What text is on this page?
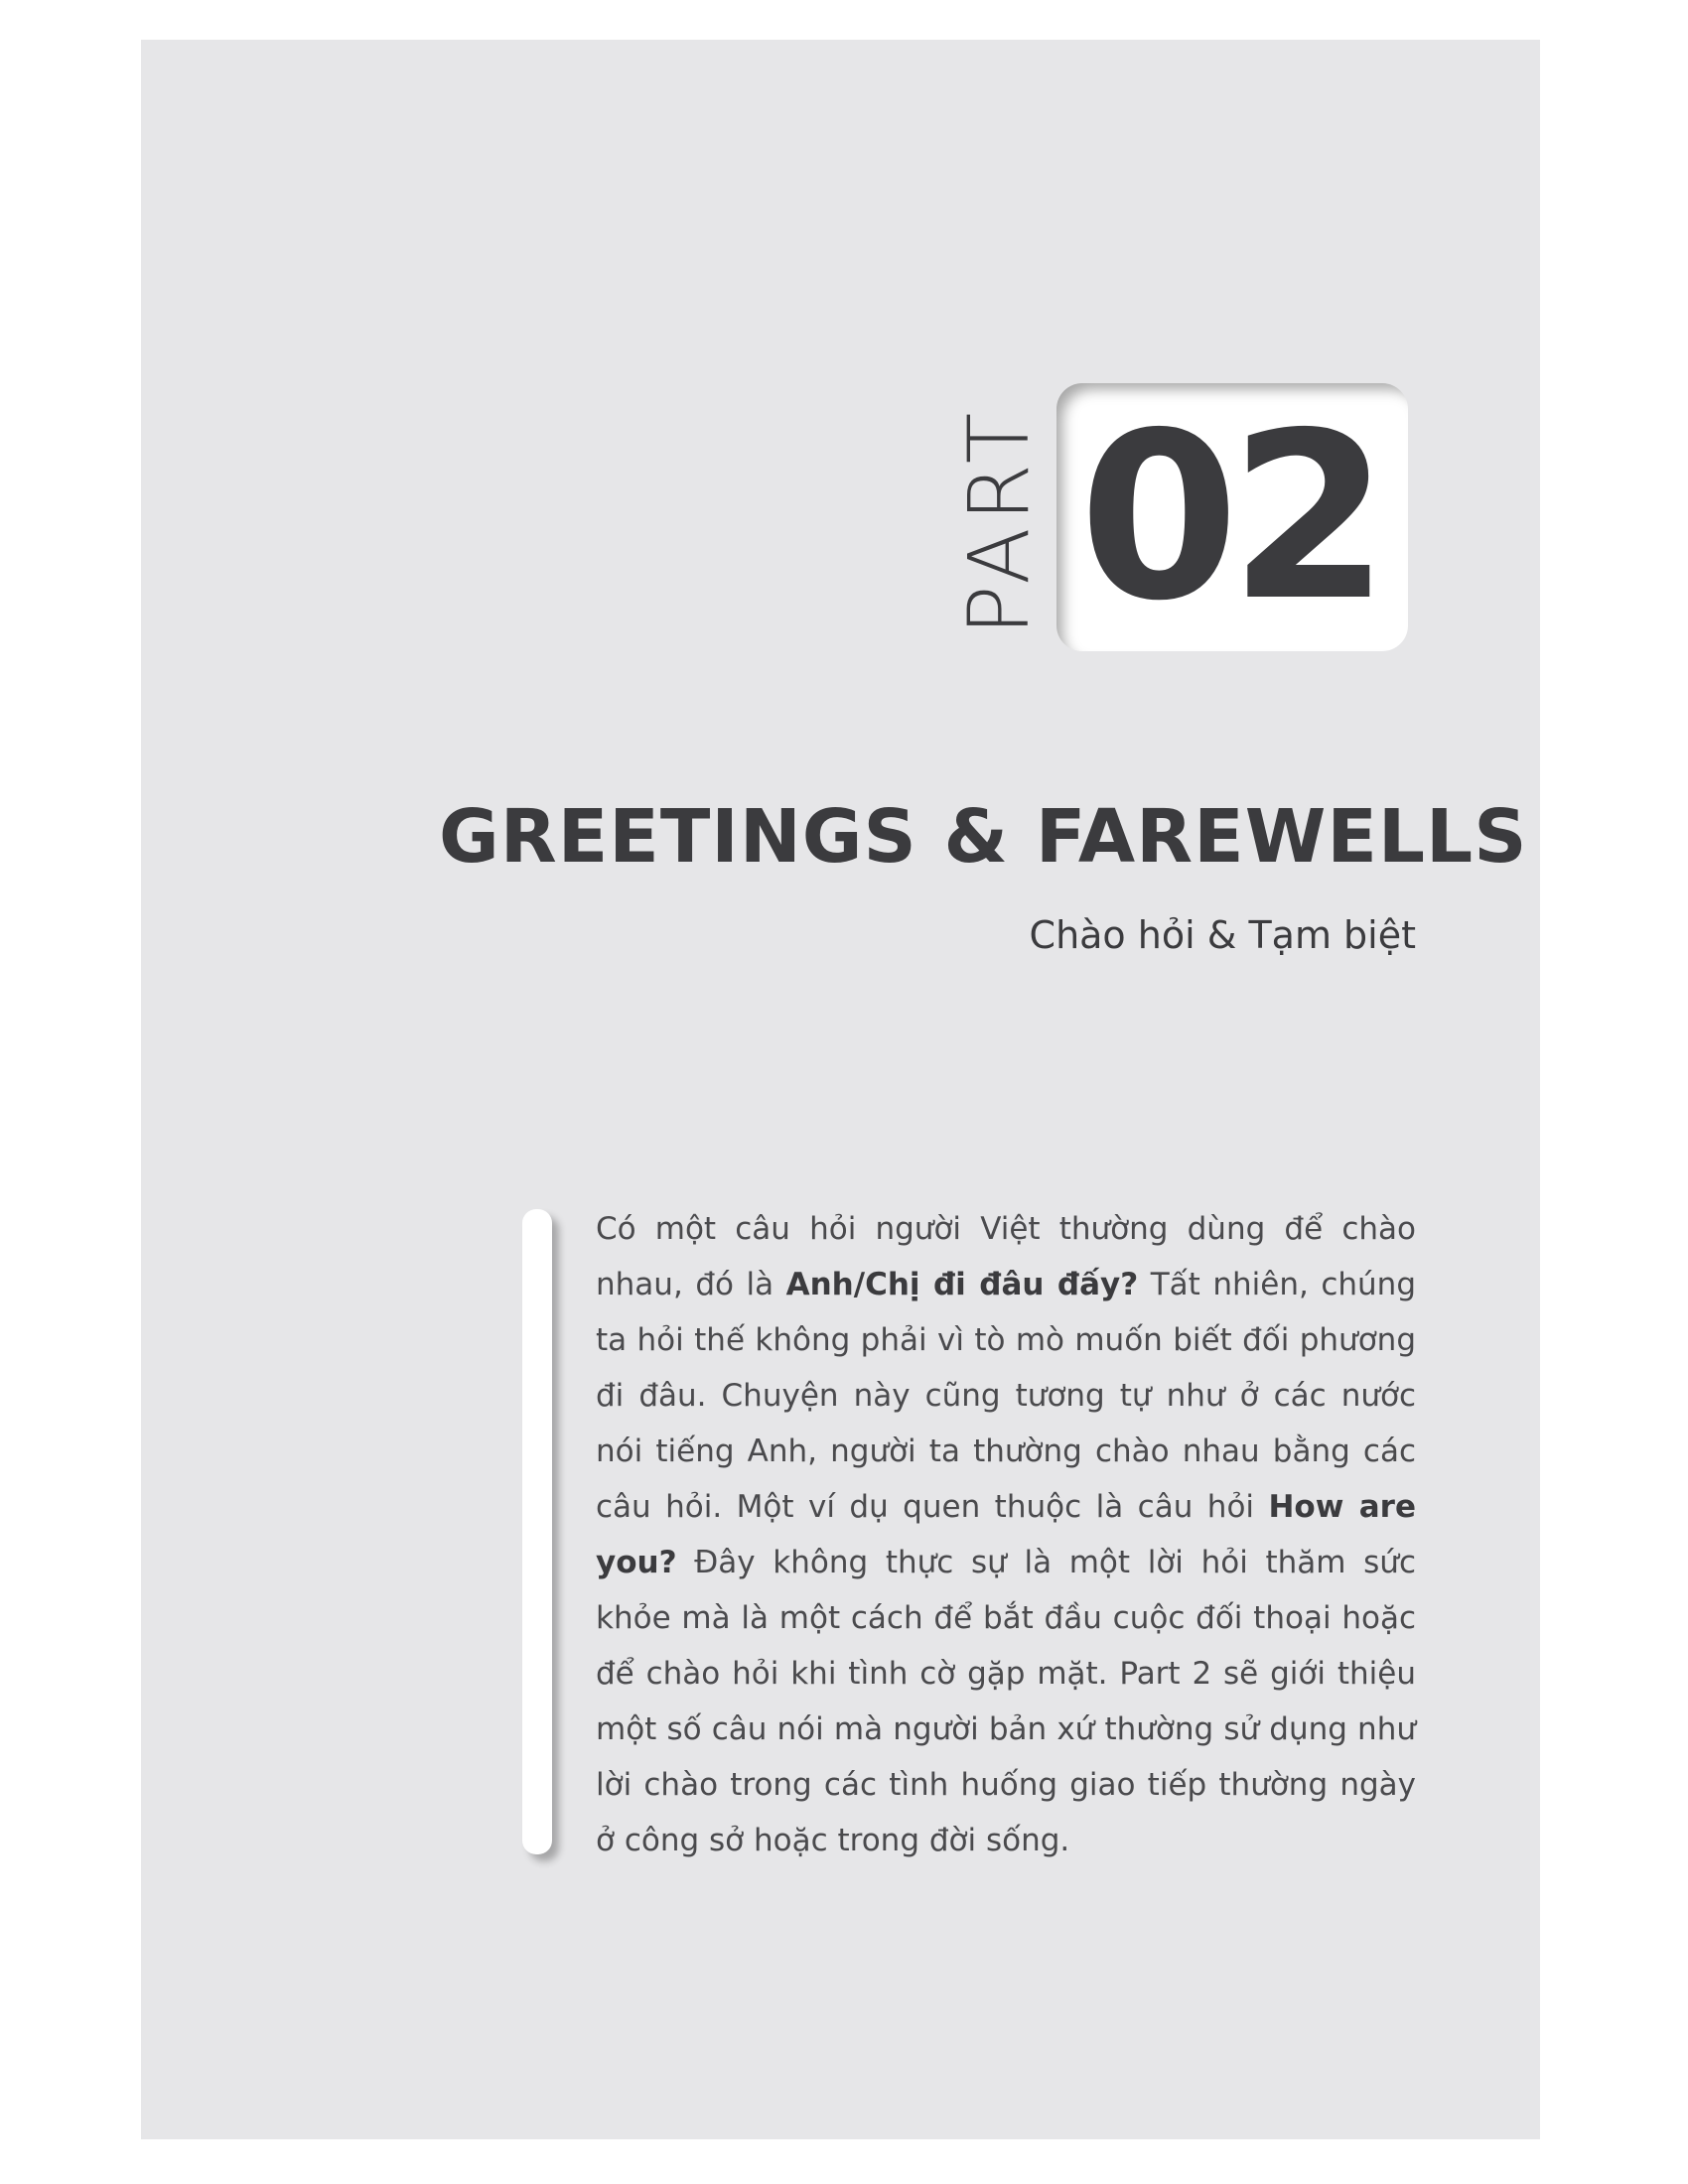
PART 02
GREETINGS & FAREWELLS
Chào hỏi & Tạm biệt

Có một câu hỏi người Việt thường dùng để chào nhau, đó là Anh/Chị đi đâu đấy? Tất nhiên, chúng ta hỏi thế không phải vì tò mò muốn biết đối phương đi đâu. Chuyện này cũng tương tự như ở các nước nói tiếng Anh, người ta thường chào nhau bằng các câu hỏi. Một ví dụ quen thuộc là câu hỏi How are you? Đây không thực sự là một lời hỏi thăm sức khỏe mà là một cách để bắt đầu cuộc đối thoại hoặc để chào hỏi khi tình cờ gặp mặt. Part 2 sẽ giới thiệu một số câu nói mà người bản xứ thường sử dụng như lời chào trong các tình huống giao tiếp thường ngày ở công sở hoặc trong đời sống.
